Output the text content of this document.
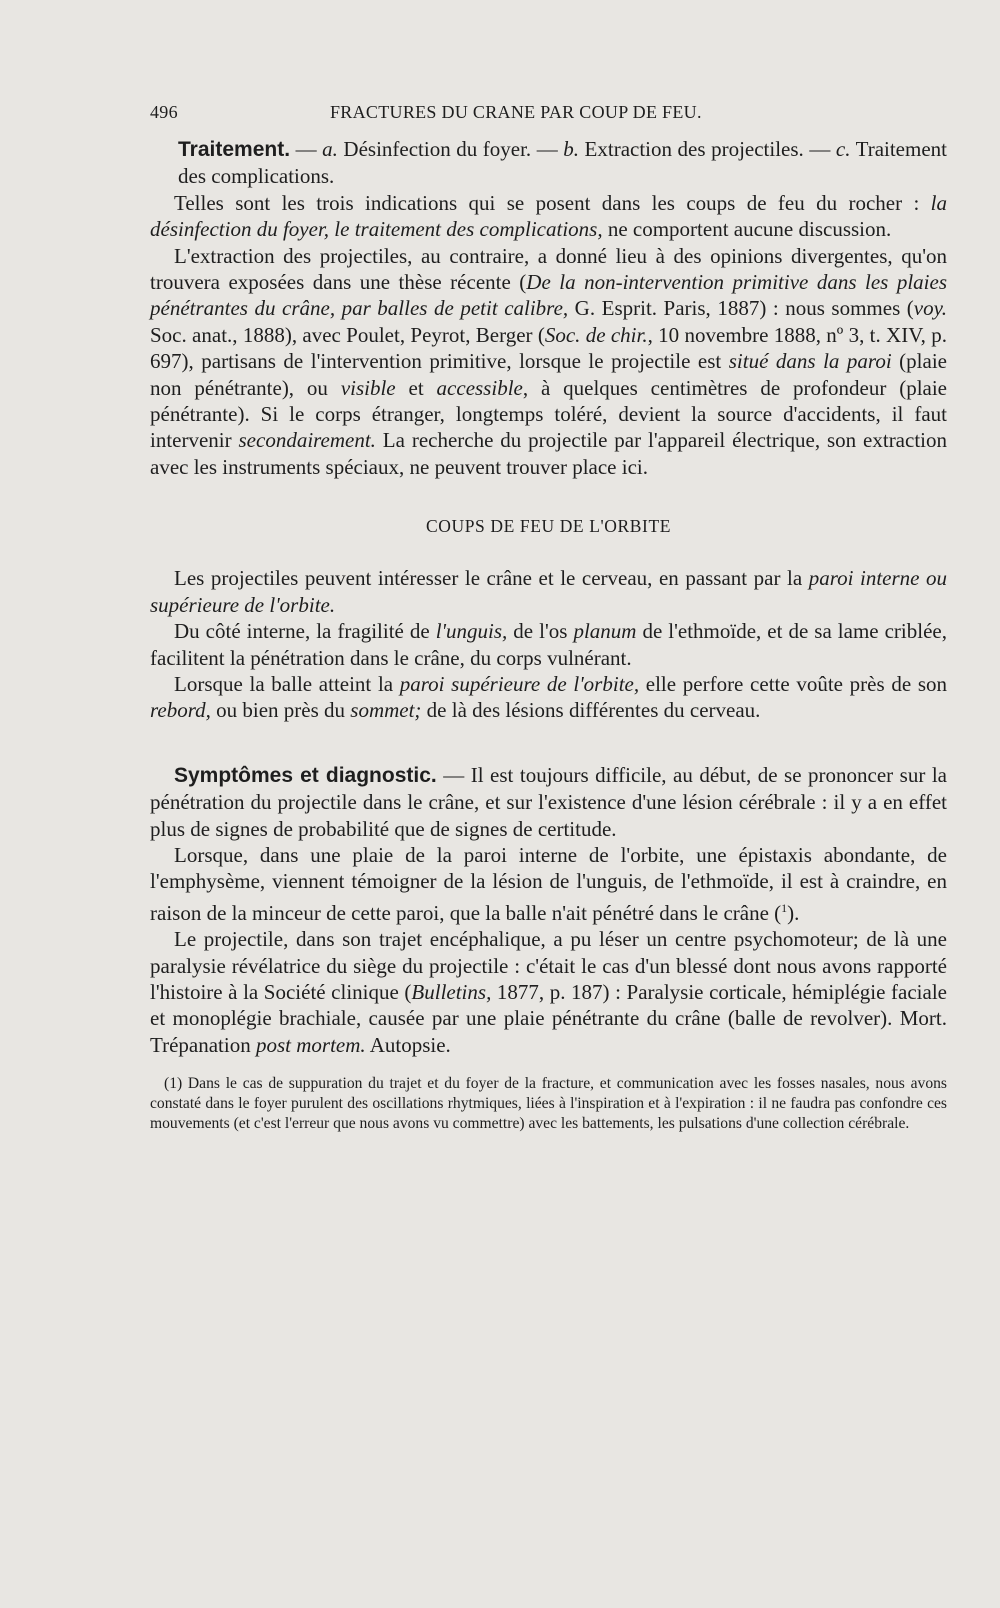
496	FRACTURES DU CRANE PAR COUP DE FEU.

Traitement. — a. Désinfection du foyer. — b. Extraction des projectiles. — c. Traitement des complications.

Telles sont les trois indications qui se posent dans les coups de feu du rocher : la désinfection du foyer, le traitement des complications, ne comportent aucune discussion.

L'extraction des projectiles, au contraire, a donné lieu à des opinions divergentes, qu'on trouvera exposées dans une thèse récente (De la non-intervention primitive dans les plaies pénétrantes du crâne, par balles de petit calibre, G. Esprit. Paris, 1887) : nous sommes (voy. Soc. anat., 1888), avec Poulet, Peyrot, Berger (Soc. de chir., 10 novembre 1888, nº 3, t. XIV, p. 697), partisans de l'intervention primitive, lorsque le projectile est situé dans la paroi (plaie non pénétrante), ou visible et accessible, à quelques centimètres de profondeur (plaie pénétrante). Si le corps étranger, longtemps toléré, devient la source d'accidents, il faut intervenir secondairement. La recherche du projectile par l'appareil électrique, son extraction avec les instruments spéciaux, ne peuvent trouver place ici.

COUPS DE FEU DE L'ORBITE

Les projectiles peuvent intéresser le crâne et le cerveau, en passant par la paroi interne ou supérieure de l'orbite.

Du côté interne, la fragilité de l'unguis, de l'os planum de l'ethmoïde, et de sa lame criblée, facilitent la pénétration dans le crâne, du corps vulnérant.

Lorsque la balle atteint la paroi supérieure de l'orbite, elle perfore cette voûte près de son rebord, ou bien près du sommet; de là des lésions différentes du cerveau.

Symptômes et diagnostic. — Il est toujours difficile, au début, de se prononcer sur la pénétration du projectile dans le crâne, et sur l'existence d'une lésion cérébrale : il y a en effet plus de signes de probabilité que de signes de certitude.

Lorsque, dans une plaie de la paroi interne de l'orbite, une épistaxis abondante, de l'emphysème, viennent témoigner de la lésion de l'unguis, de l'ethmoïde, il est à craindre, en raison de la minceur de cette paroi, que la balle n'ait pénétré dans le crâne ($^1$).

Le projectile, dans son trajet encéphalique, a pu léser un centre psychomoteur; de là une paralysie révélatrice du siège du projectile : c'était le cas d'un blessé dont nous avons rapporté l'histoire à la Société clinique (Bulletins, 1877, p. 187) : Paralysie corticale, hémiplégie faciale et monoplégie brachiale, causée par une plaie pénétrante du crâne (balle de revolver). Mort. Trépanation post mortem. Autopsie.

(1) Dans le cas de suppuration du trajet et du foyer de la fracture, et communication avec les fosses nasales, nous avons constaté dans le foyer purulent des oscillations rhytmiques, liées à l'inspiration et à l'expiration : il ne faudra pas confondre ces mouvements (et c'est l'erreur que nous avons vu commettre) avec les battements, les pulsations d'une collection cérébrale.
